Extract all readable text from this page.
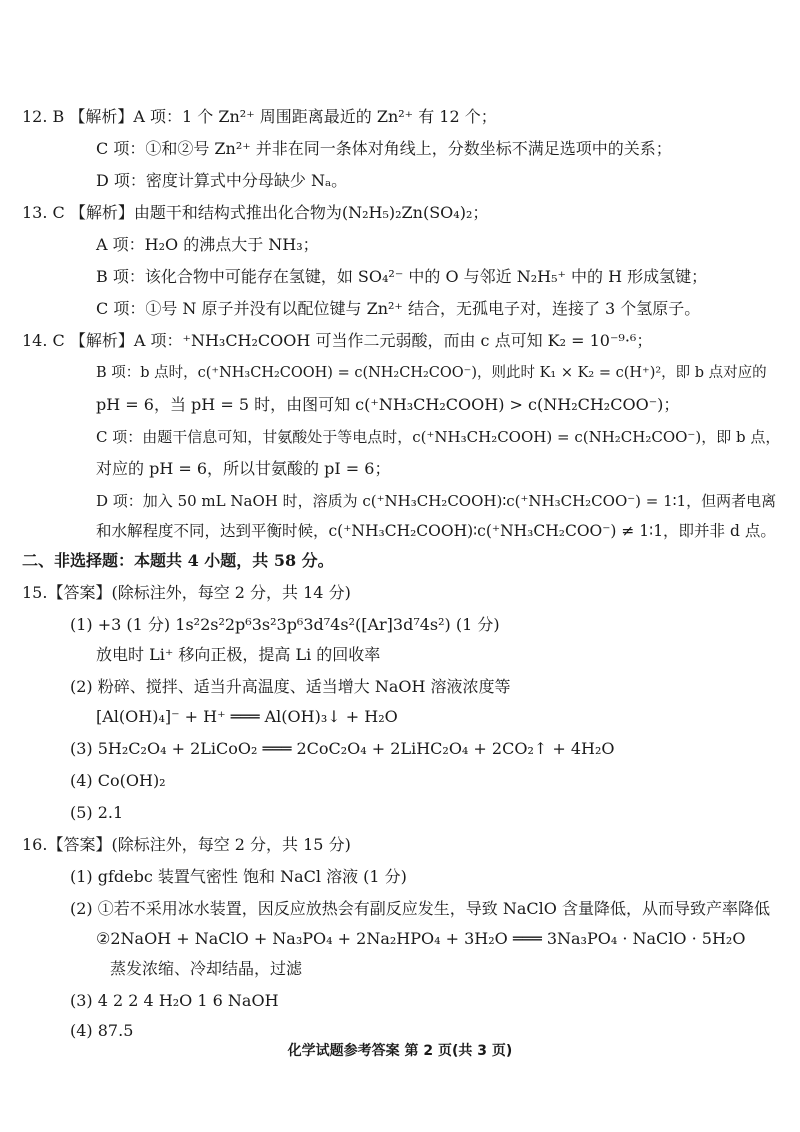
12. B 【解析】A 项：1 个 Zn²⁺ 周围距离最近的 Zn²⁺ 有 12 个；
C 项：①和②号 Zn²⁺ 并非在同一条体对角线上，分数坐标不满足选项中的关系；
D 项：密度计算式中分母缺少 Nₐ。
13. C 【解析】由题干和结构式推出化合物为(N₂H₅)₂Zn(SO₄)₂；
A 项：H₂O 的沸点大于 NH₃；
B 项：该化合物中可能存在氢键，如 SO₄²⁻ 中的 O 与邻近 N₂H₅⁺ 中的 H 形成氢键；
C 项：①号 N 原子并没有以配位键与 Zn²⁺ 结合，无孤电子对，连接了 3 个氢原子。
14. C 【解析】A 项：⁺NH₃CH₂COOH 可当作二元弱酸，而由 c 点可知 K₂ = 10⁻⁹·⁶；
B 项：b 点时，c(⁺NH₃CH₂COOH) = c(NH₂CH₂COO⁻)，则此时 K₁ × K₂ = c(H⁺)²，即 b 点对应的
pH = 6，当 pH = 5 时，由图可知 c(⁺NH₃CH₂COOH) > c(NH₂CH₂COO⁻)；
C 项：由题干信息可知，甘氨酸处于等电点时，c(⁺NH₃CH₂COOH) = c(NH₂CH₂COO⁻)，即 b 点，
对应的 pH = 6，所以甘氨酸的 pI = 6；
D 项：加入 50 mL NaOH 时，溶质为 c(⁺NH₃CH₂COOH)∶c(⁺NH₃CH₂COO⁻) = 1∶1，但两者电离
和水解程度不同，达到平衡时候，c(⁺NH₃CH₂COOH)∶c(⁺NH₃CH₂COO⁻) ≠ 1∶1，即并非 d 点。
二、非选择题：本题共 4 小题，共 58 分。
15.【答案】(除标注外，每空 2 分，共 14 分)
(1) +3 (1 分) 1s²2s²2p⁶3s²3p⁶3d⁷4s²([Ar]3d⁷4s²) (1 分)
放电时 Li⁺ 移向正极，提高 Li 的回收率
(2) 粉碎、搅拌、适当升高温度、适当增大 NaOH 溶液浓度等
[Al(OH)₄]⁻ + H⁺ ═══ Al(OH)₃↓ + H₂O
(3) 5H₂C₂O₄ + 2LiCoO₂ ═══ 2CoC₂O₄ + 2LiHC₂O₄ + 2CO₂↑ + 4H₂O
(4) Co(OH)₂
(5) 2.1
16.【答案】(除标注外，每空 2 分，共 15 分)
(1) gfdebc 装置气密性 饱和 NaCl 溶液 (1 分)
(2) ①若不采用冰水装置，因反应放热会有副反应发生，导致 NaClO 含量降低，从而导致产率降低
②2NaOH + NaClO + Na₃PO₄ + 2Na₂HPO₄ + 3H₂O ═══ 3Na₃PO₄ · NaClO · 5H₂O
蒸发浓缩、冷却结晶，过滤
(3) 4 2 2 4 H₂O 1 6 NaOH
(4) 87.5
化学试题参考答案 第 2 页(共 3 页)
